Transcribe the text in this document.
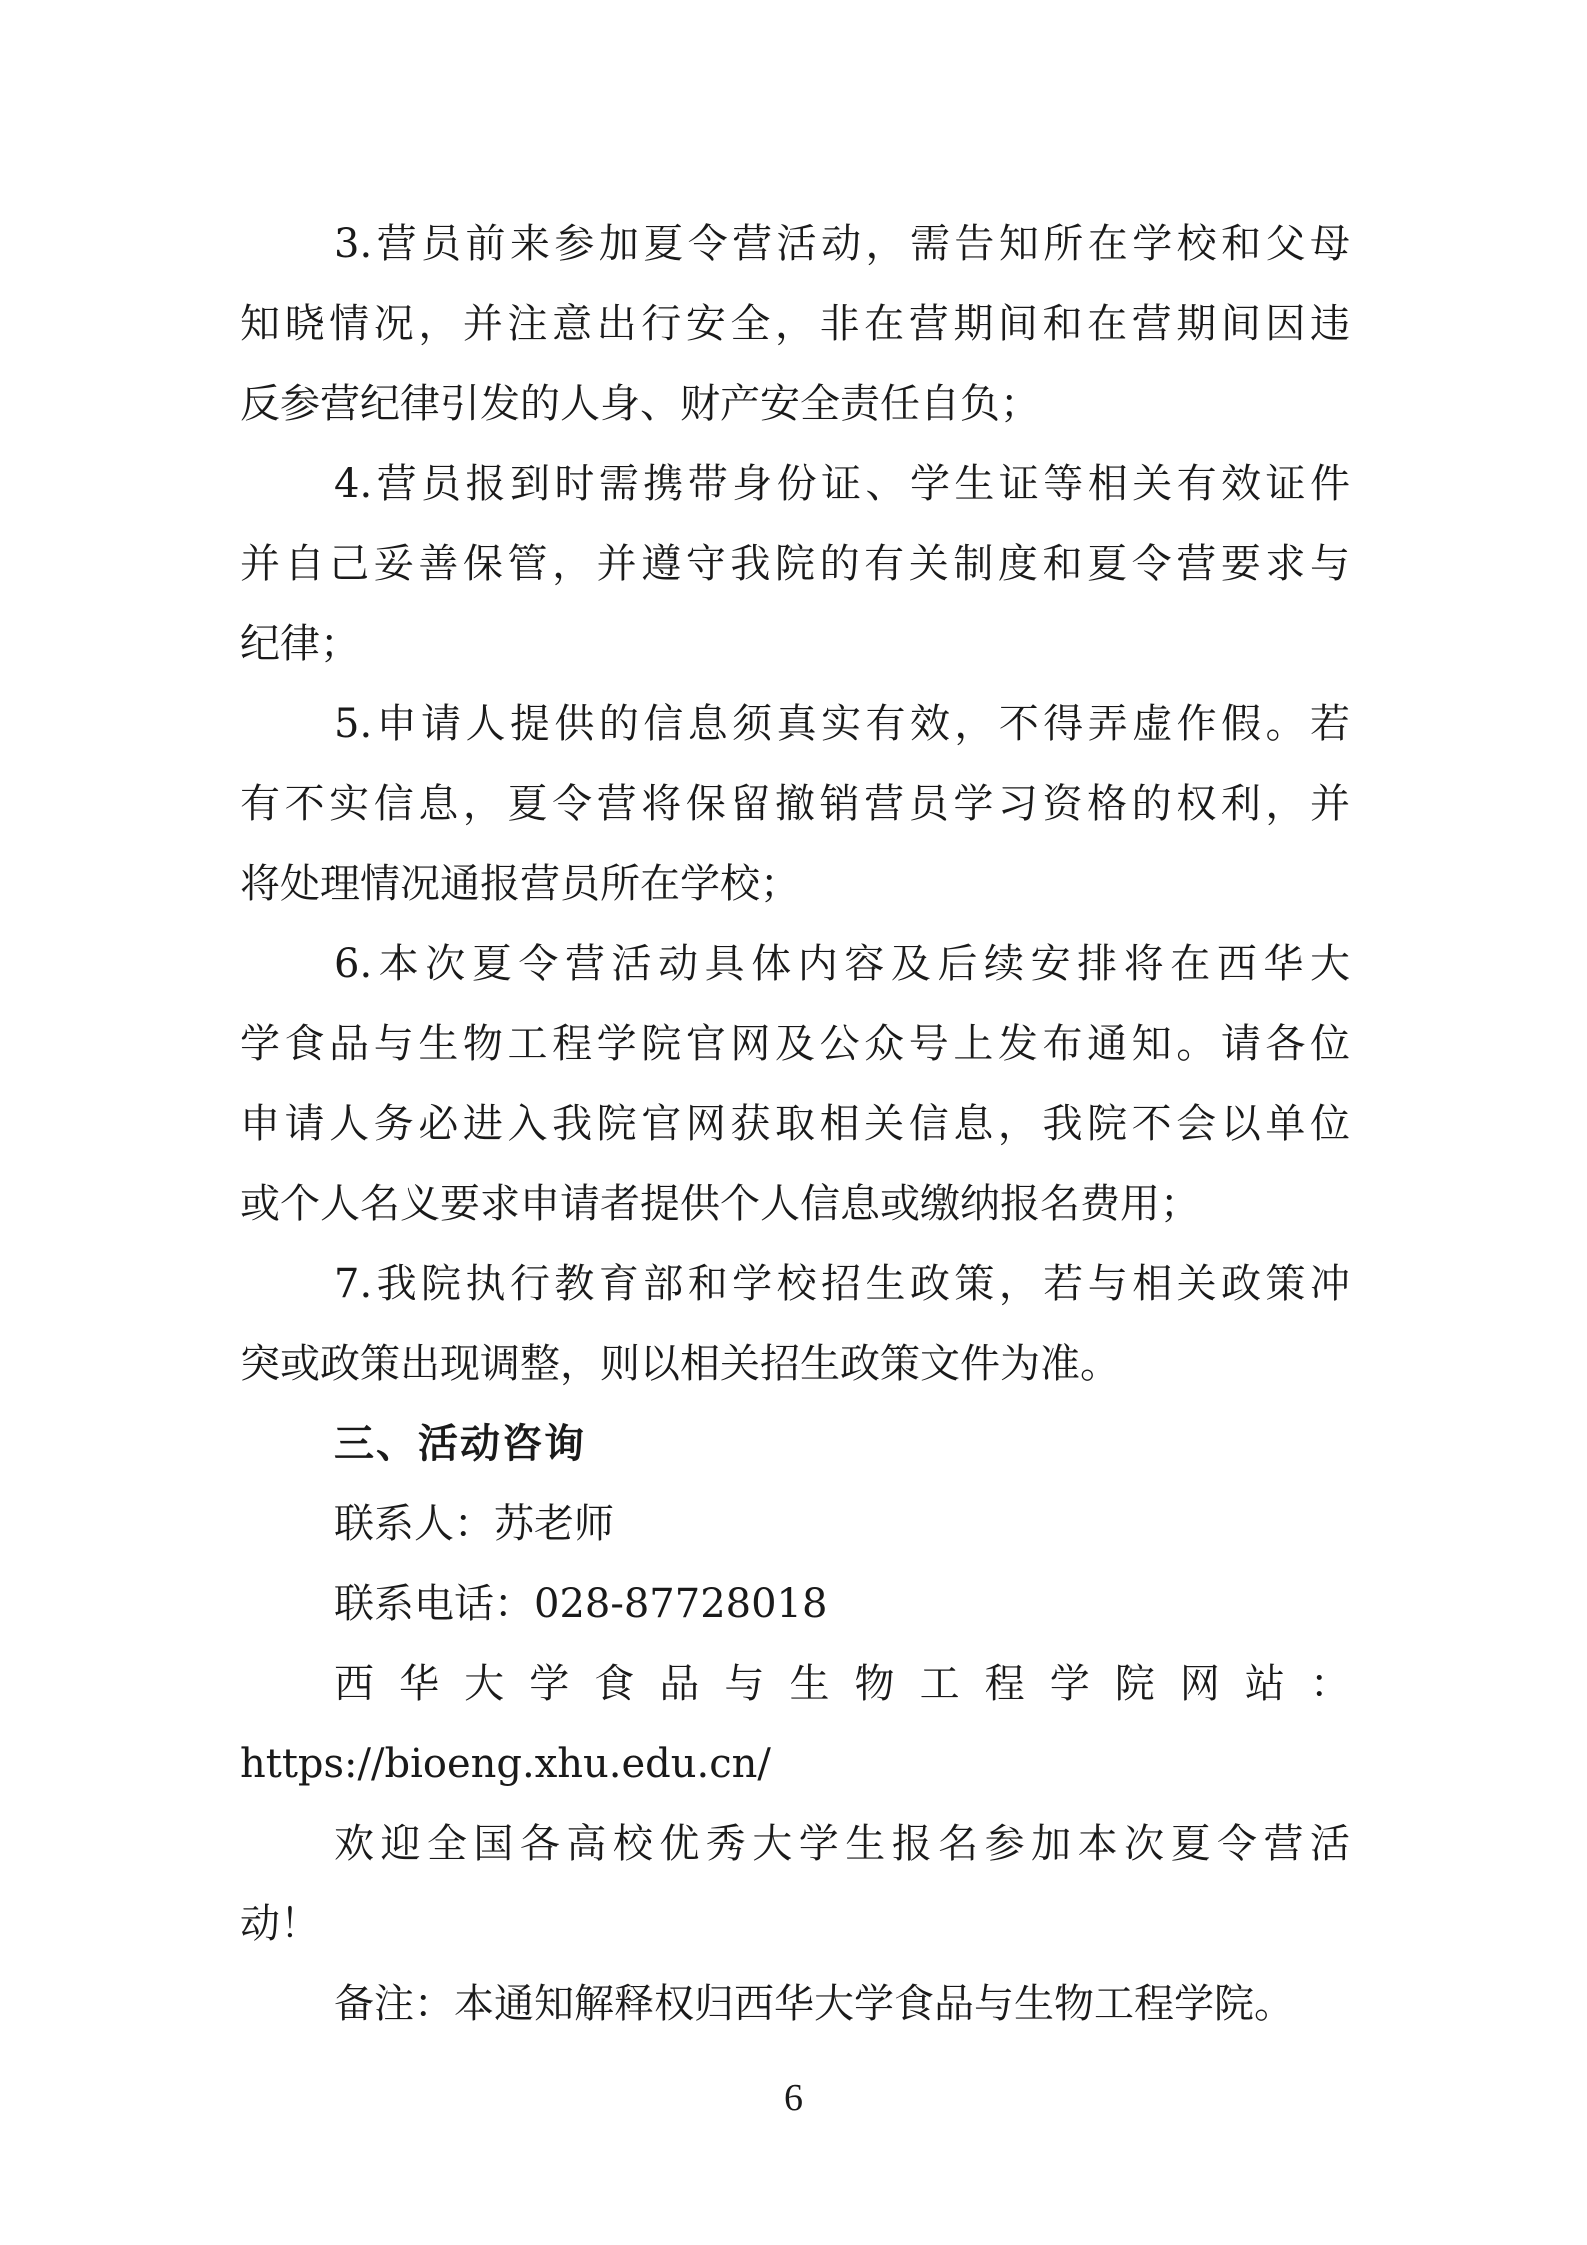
3.营员前来参加夏令营活动，需告知所在学校和父母
知晓情况，并注意出行安全，非在营期间和在营期间因违
反参营纪律引发的人身、财产安全责任自负；
4.营员报到时需携带身份证、学生证等相关有效证件
并自己妥善保管，并遵守我院的有关制度和夏令营要求与
纪律；
5.申请人提供的信息须真实有效，不得弄虚作假。若
有不实信息，夏令营将保留撤销营员学习资格的权利，并
将处理情况通报营员所在学校；
6.本次夏令营活动具体内容及后续安排将在西华大
学食品与生物工程学院官网及公众号上发布通知。请各位
申请人务必进入我院官网获取相关信息，我院不会以单位
或个人名义要求申请者提供个人信息或缴纳报名费用；
7.我院执行教育部和学校招生政策，若与相关政策冲
突或政策出现调整，则以相关招生政策文件为准。
三、活动咨询
联系人：苏老师
联系电话：028-87728018
西华大学食品与生物工程学院网站：
https://bioeng.xhu.edu.cn/
欢迎全国各高校优秀大学生报名参加本次夏令营活
动！
备注：本通知解释权归西华大学食品与生物工程学院。
6
